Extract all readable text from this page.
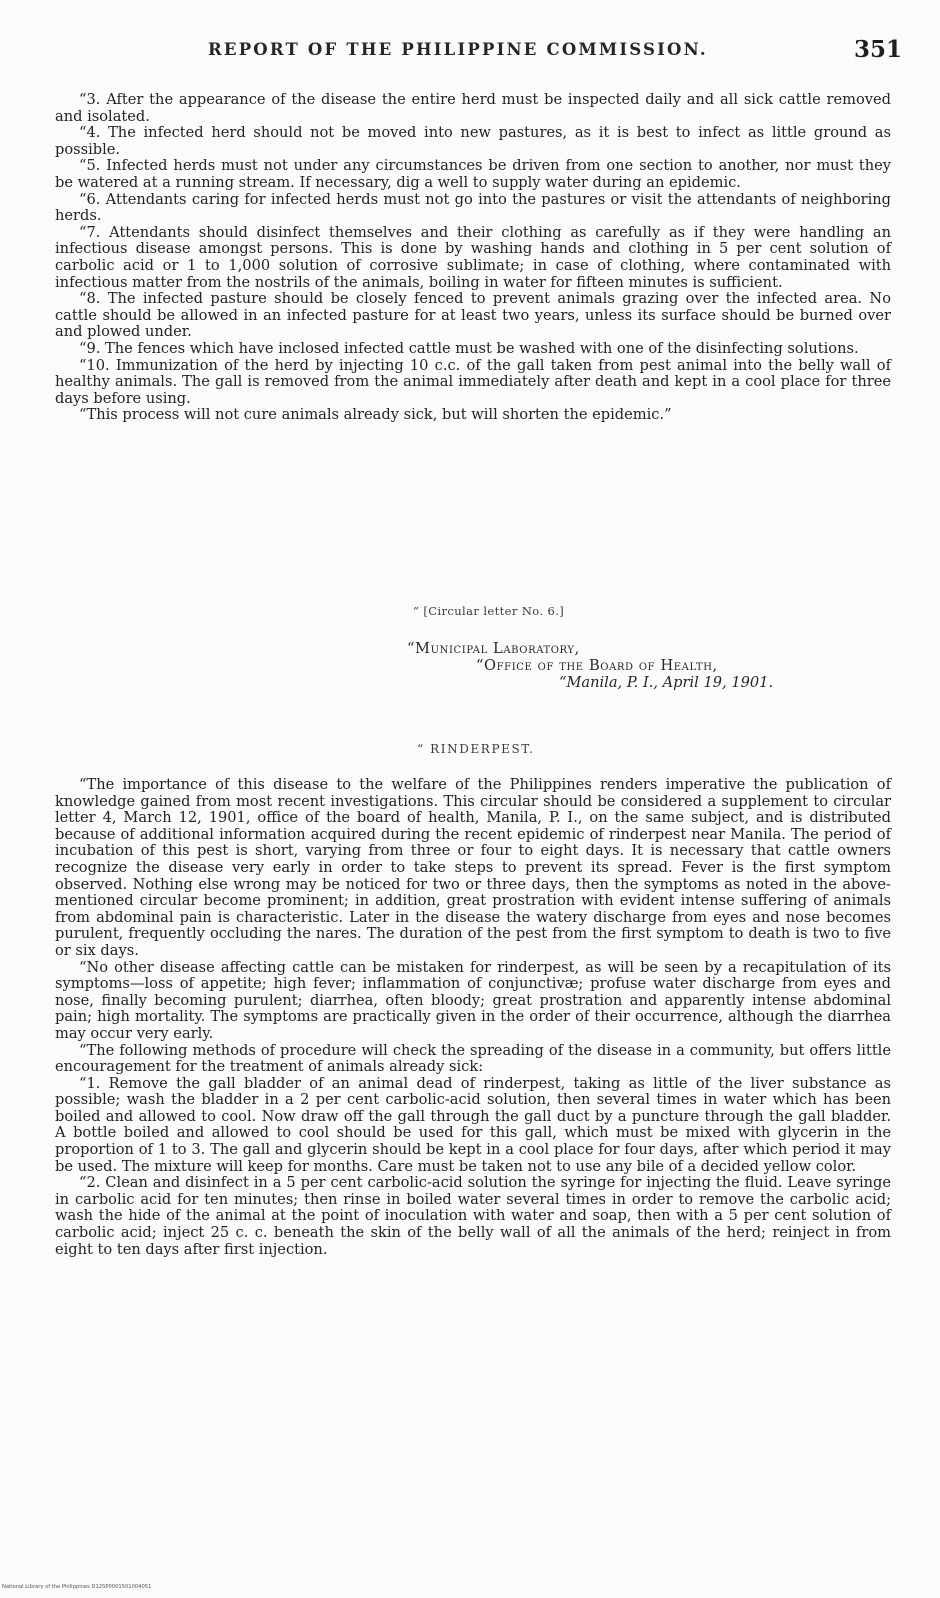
REPORT OF THE PHILIPPINE COMMISSION.	351

“3. After the appearance of the disease the entire herd must be inspected daily and all sick cattle removed and isolated.

“4. The infected herd should not be moved into new pastures, as it is best to infect as little ground as possible.

“5. Infected herds must not under any circumstances be driven from one section to another, nor must they be watered at a running stream. If necessary, dig a well to supply water during an epidemic.

“6. Attendants caring for infected herds must not go into the pastures or visit the attendants of neighboring herds.

“7. Attendants should disinfect themselves and their clothing as carefully as if they were handling an infectious disease amongst persons. This is done by washing hands and clothing in 5 per cent solution of carbolic acid or 1 to 1,000 solution of corrosive sublimate; in case of clothing, where contaminated with infectious matter from the nostrils of the animals, boiling in water for fifteen minutes is sufficient.

“8. The infected pasture should be closely fenced to prevent animals grazing over the infected area. No cattle should be allowed in an infected pasture for at least two years, unless its surface should be burned over and plowed under.

“9. The fences which have inclosed infected cattle must be washed with one of the disinfecting solutions.

“10. Immunization of the herd by injecting 10 c.c. of the gall taken from pest animal into the belly wall of healthy animals. The gall is removed from the animal immediately after death and kept in a cool place for three days before using.

“This process will not cure animals already sick, but will shorten the epidemic.”

“ [Circular letter No. 6.]
“Municipal Laboratory,
“Office of the Board of Health,
“Manila, P. I., April 19, 1901.
“ RINDERPEST.

“The importance of this disease to the welfare of the Philippines renders imperative the publication of knowledge gained from most recent investigations. This circular should be considered a supplement to circular letter 4, March 12, 1901, office of the board of health, Manila, P. I., on the same subject, and is distributed because of additional information acquired during the recent epidemic of rinderpest near Manila. The period of incubation of this pest is short, varying from three or four to eight days. It is necessary that cattle owners recognize the disease very early in order to take steps to prevent its spread. Fever is the first symptom observed. Nothing else wrong may be noticed for two or three days, then the symptoms as noted in the above-mentioned circular become prominent; in addition, great prostration with evident intense suffering of animals from abdominal pain is characteristic. Later in the disease the watery discharge from eyes and nose becomes purulent, frequently occluding the nares. The duration of the pest from the first symptom to death is two to five or six days.

“No other disease affecting cattle can be mistaken for rinderpest, as will be seen by a recapitulation of its symptoms—loss of appetite; high fever; inflammation of conjunctivæ; profuse water discharge from eyes and nose, finally becoming purulent; diarrhea, often bloody; great prostration and apparently intense abdominal pain; high mortality. The symptoms are practically given in the order of their occurrence, although the diarrhea may occur very early.

“The following methods of procedure will check the spreading of the disease in a community, but offers little encouragement for the treatment of animals already sick:

“1. Remove the gall bladder of an animal dead of rinderpest, taking as little of the liver substance as possible; wash the bladder in a 2 per cent carbolic-acid solution, then several times in water which has been boiled and allowed to cool. Now draw off the gall through the gall duct by a puncture through the gall bladder. A bottle boiled and allowed to cool should be used for this gall, which must be mixed with glycerin in the proportion of 1 to 3. The gall and glycerin should be kept in a cool place for four days, after which period it may be used. The mixture will keep for months. Care must be taken not to use any bile of a decided yellow color.

“2. Clean and disinfect in a 5 per cent carbolic-acid solution the syringe for injecting the fluid. Leave syringe in carbolic acid for ten minutes; then rinse in boiled water several times in order to remove the carbolic acid; wash the hide of the animal at the point of inoculation with water and soap, then with a 5 per cent solution of carbolic acid; inject 25 c. c. beneath the skin of the belly wall of all the animals of the herd; reinject in from eight to ten days after first injection.

National Library of the Philippines D12SP0001501004051
